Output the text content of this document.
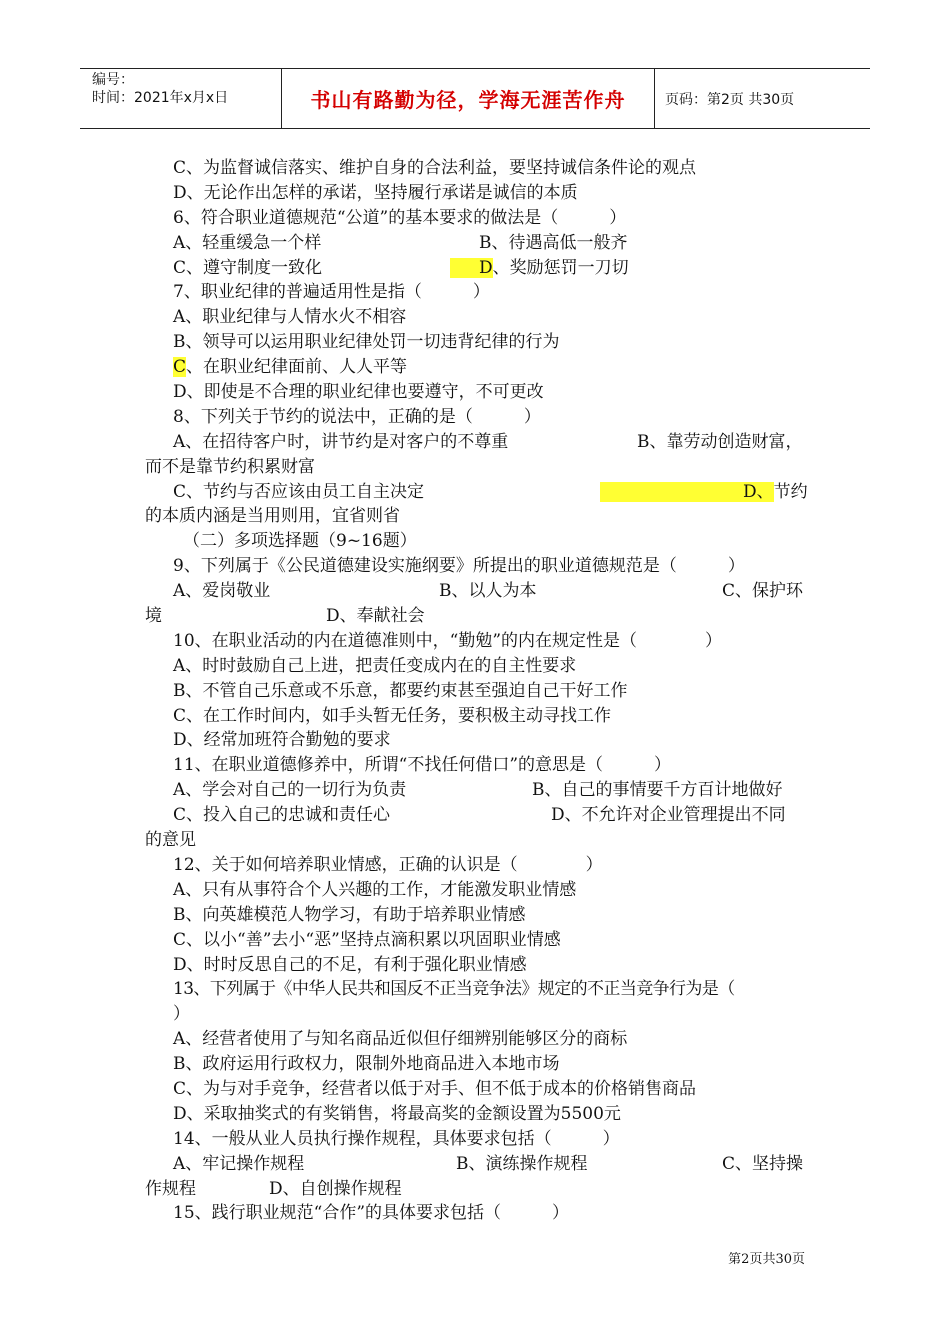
编号：
时间：2021年x月x日	书山有路勤为径，学海无涯苦作舟	页码：第2页 共30页
C、为监督诚信落实、维护自身的合法利益，要坚持诚信条件论的观点
D、无论作出怎样的承诺，坚持履行承诺是诚信的本质
6、符合职业道德规范“公道”的基本要求的做法是（　　　）
A、轻重缓急一个样	B、待遇高低一般齐
C、遵守制度一致化	D、奖励惩罚一刀切
7、职业纪律的普遍适用性是指（　　　）
A、职业纪律与人情水火不相容
B、领导可以运用职业纪律处罚一切违背纪律的行为
C、在职业纪律面前、人人平等
D、即使是不合理的职业纪律也要遵守，不可更改
8、下列关于节约的说法中，正确的是（　　　）
A、在招待客户时，讲节约是对客户的不尊重	B、靠劳动创造财富，
而不是靠节约积累财富
C、节约与否应该由员工自主决定	D、节约
的本质内涵是当用则用，宜省则省
（二）多项选择题（9~16题）
9、下列属于《公民道德建设实施纲要》所提出的职业道德规范是（　　　）
A、爱岗敬业	B、以人为本	C、保护环
境	D、奉献社会
10、在职业活动的内在道德准则中，“勤勉”的内在规定性是（　　　　）
A、时时鼓励自己上进，把责任变成内在的自主性要求
B、不管自己乐意或不乐意，都要约束甚至强迫自己干好工作
C、在工作时间内，如手头暂无任务，要积极主动寻找工作
D、经常加班符合勤勉的要求
11、在职业道德修养中，所谓“不找任何借口”的意思是（　　　）
A、学会对自己的一切行为负责	B、自己的事情要千方百计地做好
C、投入自己的忠诚和责任心	D、不允许对企业管理提出不同
的意见
12、关于如何培养职业情感，正确的认识是（　　　　）
A、只有从事符合个人兴趣的工作，才能激发职业情感
B、向英雄模范人物学习，有助于培养职业情感
C、以小“善”去小“恶”坚持点滴积累以巩固职业情感
D、时时反思自己的不足，有利于强化职业情感
13、下列属于《中华人民共和国反不正当竞争法》规定的不正当竞争行为是（
）
A、经营者使用了与知名商品近似但仔细辨别能够区分的商标
B、政府运用行政权力，限制外地商品进入本地市场
C、为与对手竞争，经营者以低于对手、但不低于成本的价格销售商品
D、采取抽奖式的有奖销售，将最高奖的金额设置为5500元
14、一般从业人员执行操作规程，具体要求包括（　　　）
A、牢记操作规程	B、演练操作规程	C、坚持操
作规程	D、自创操作规程
15、践行职业规范“合作”的具体要求包括（　　　）
第2页共30页
